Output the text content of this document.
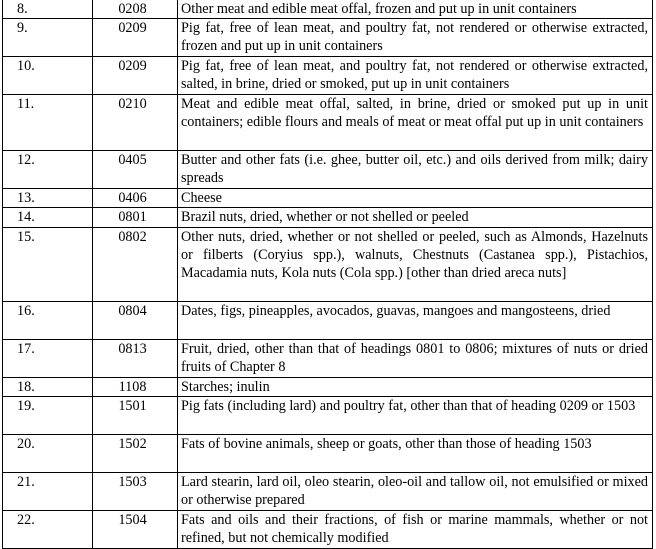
8.	0208	Other meat and edible meat offal, frozen and put up in unit containers
9.	0209	Pig fat, free of lean meat, and poultry fat, not rendered or otherwise extracted, frozen and put up in unit containers
10.	0209	Pig fat, free of lean meat, and poultry fat, not rendered or otherwise extracted, salted, in brine, dried or smoked, put up in unit containers
11.	0210	Meat and edible meat offal, salted, in brine, dried or smoked put up in unit containers; edible flours and meals of meat or meat offal put up in unit containers
12.	0405	Butter and other fats (i.e. ghee, butter oil, etc.) and oils derived from milk; dairy spreads
13.	0406	Cheese
14.	0801	Brazil nuts, dried, whether or not shelled or peeled
15.	0802	Other nuts, dried, whether or not shelled or peeled, such as Almonds, Hazelnuts or filberts (Coryius spp.), walnuts, Chestnuts (Castanea spp.), Pistachios, Macadamia nuts, Kola nuts (Cola spp.) [other than dried areca nuts]
16.	0804	Dates, figs, pineapples, avocados, guavas, mangoes and mangosteens, dried
17.	0813	Fruit, dried, other than that of headings 0801 to 0806; mixtures of nuts or dried fruits of Chapter 8
18.	1108	Starches; inulin
19.	1501	Pig fats (including lard) and poultry fat, other than that of heading 0209 or 1503
20.	1502	Fats of bovine animals, sheep or goats, other than those of heading 1503
21.	1503	Lard stearin, lard oil, oleo stearin, oleo-oil and tallow oil, not emulsified or mixed or otherwise prepared
22.	1504	Fats and oils and their fractions, of fish or marine mammals, whether or not refined, but not chemically modified
